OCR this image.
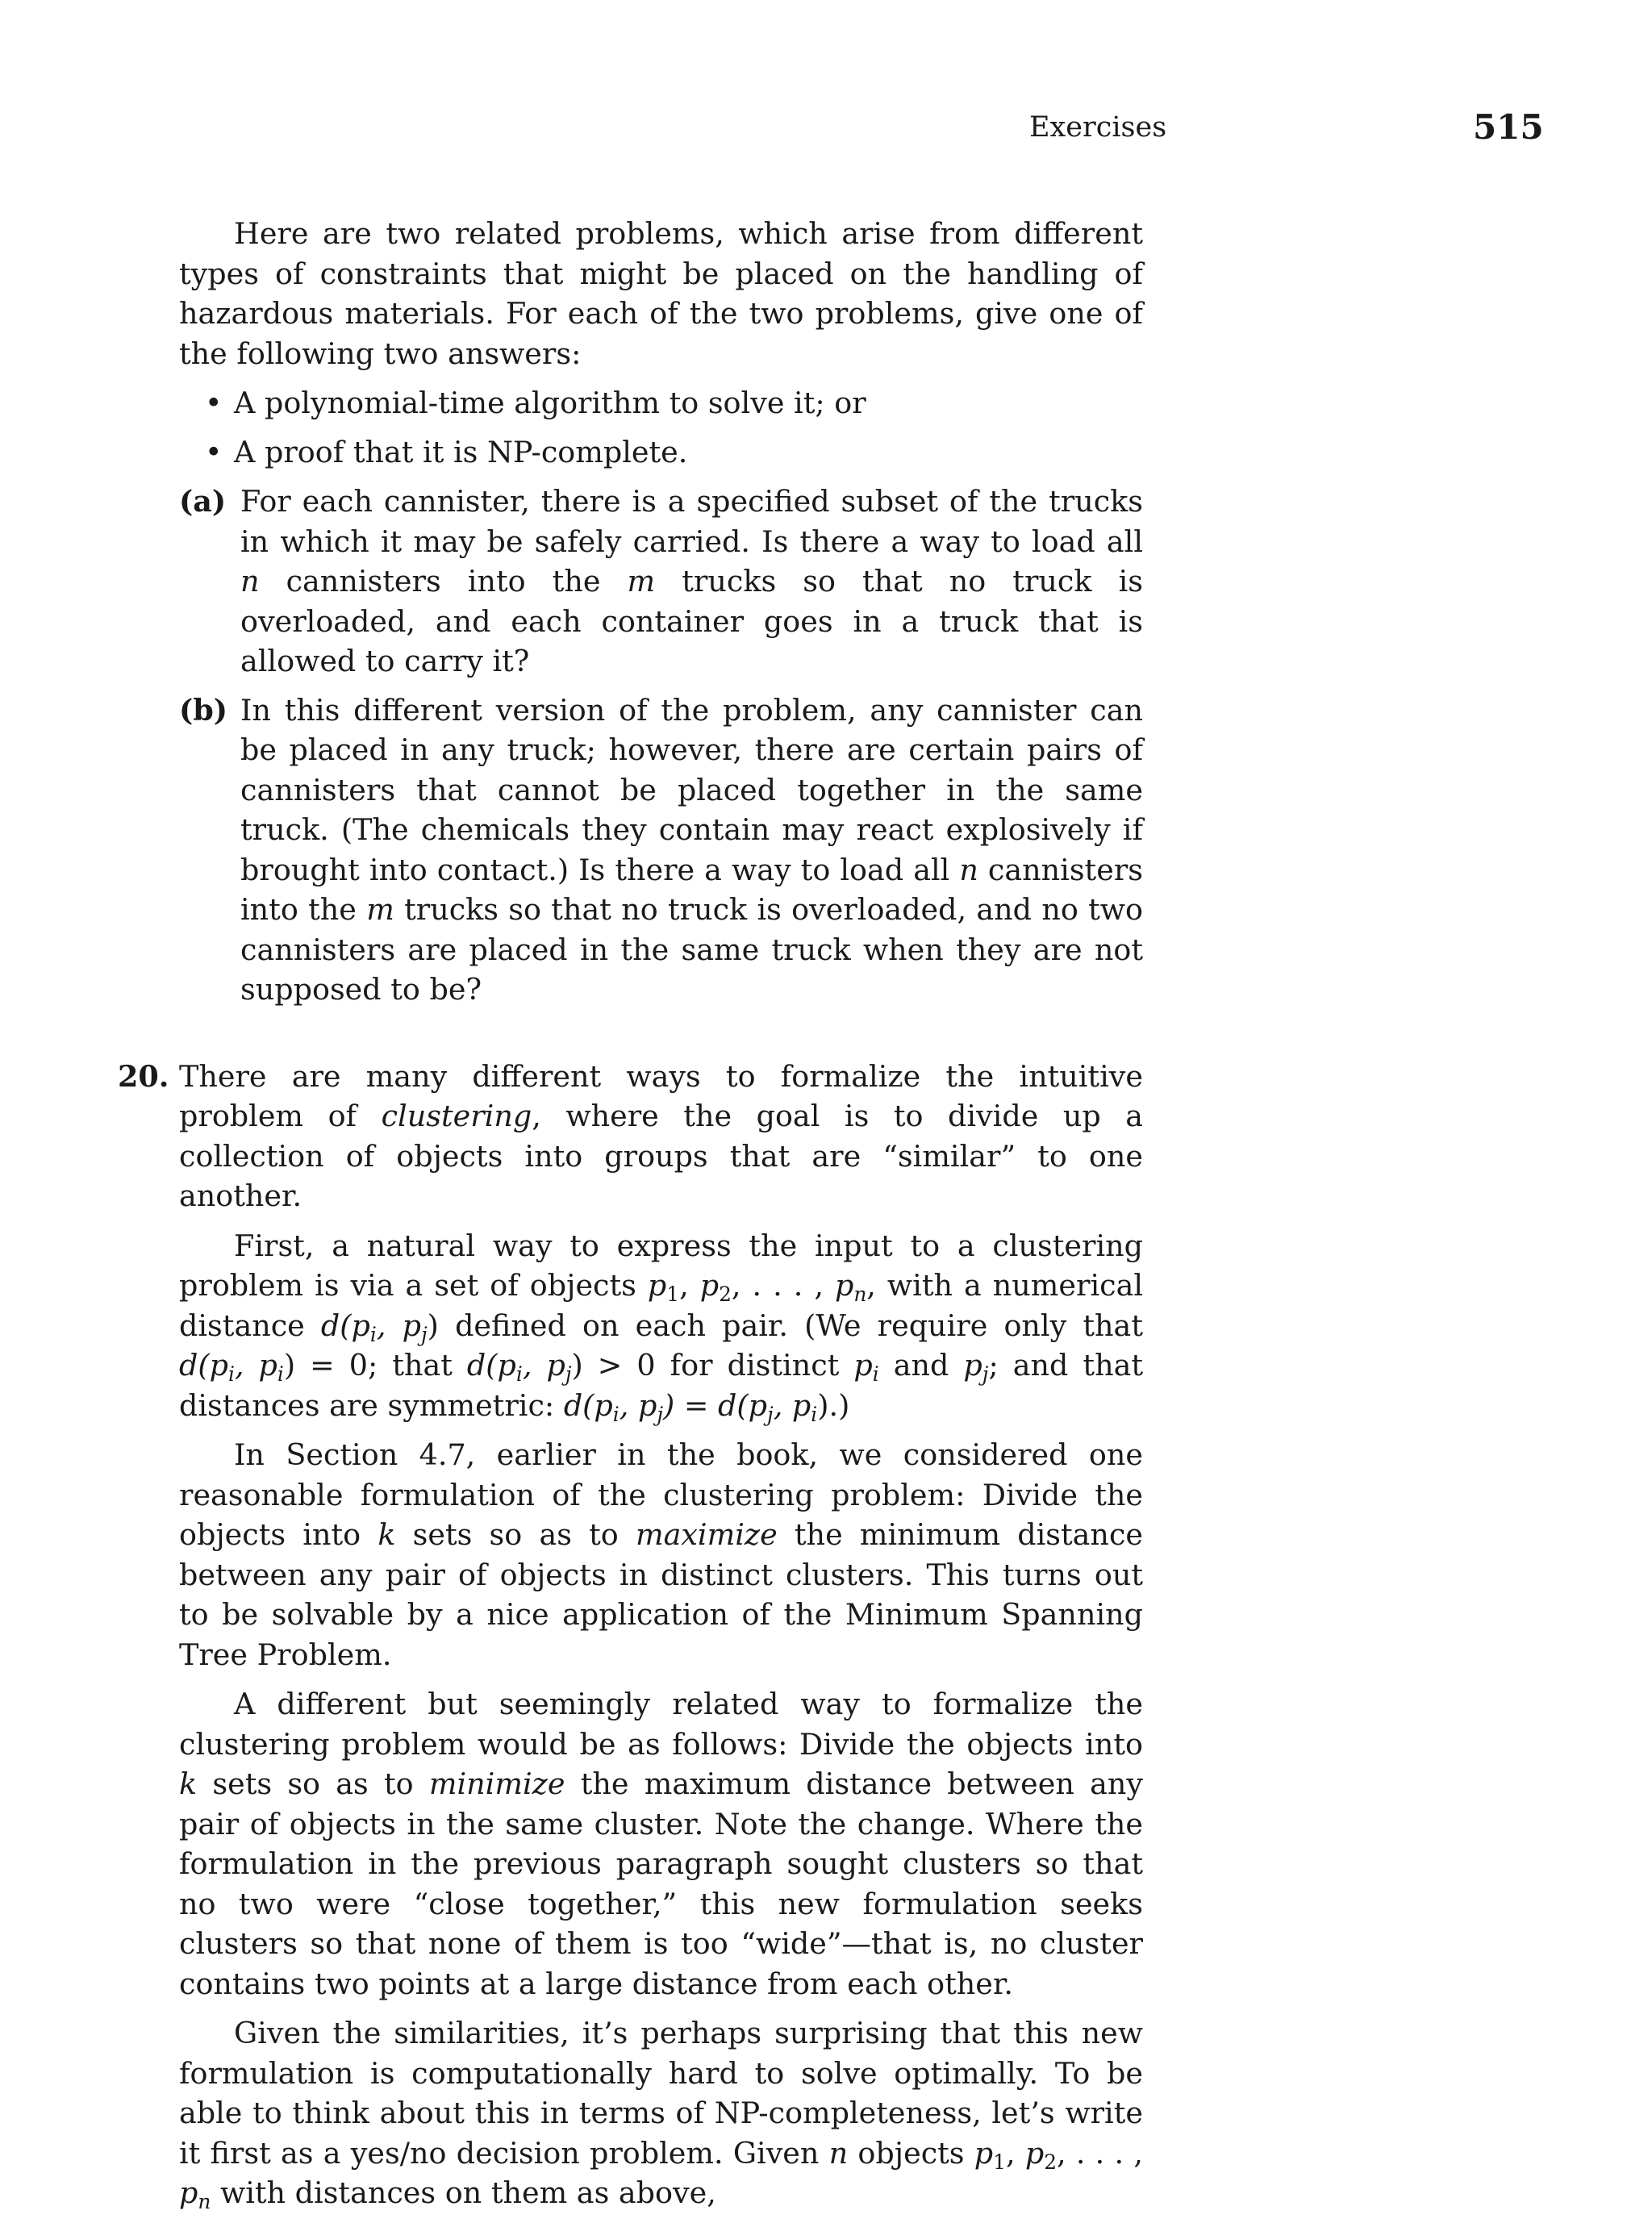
Exercises	515

Here are two related problems, which arise from different types of constraints that might be placed on the handling of hazardous materials. For each of the two problems, give one of the following two answers:

• A polynomial-time algorithm to solve it; or
• A proof that it is NP-complete.
(a) For each cannister, there is a specified subset of the trucks in which it may be safely carried. Is there a way to load all n cannisters into the m trucks so that no truck is overloaded, and each container goes in a truck that is allowed to carry it?
(b) In this different version of the problem, any cannister can be placed in any truck; however, there are certain pairs of cannisters that cannot be placed together in the same truck. (The chemicals they contain may react explosively if brought into contact.) Is there a way to load all n cannisters into the m trucks so that no truck is overloaded, and no two cannisters are placed in the same truck when they are not supposed to be?
20. There are many different ways to formalize the intuitive problem of clustering, where the goal is to divide up a collection of objects into groups that are “similar” to one another.

First, a natural way to express the input to a clustering problem is via a set of objects $p_1$, $p_2$, . . . , $p_n$, with a numerical distance $d(p_i$, $p_j$) defined on each pair. (We require only that $d(p_i$, $p_i) = 0$; that $d(p_i$, $p_j) > 0$ for distinct $p_i$ and $p_j$; and that distances are symmetric: $d(p_i$, $p_j) = d(p_j$, $p_i$).)

In Section 4.7, earlier in the book, we considered one reasonable formulation of the clustering problem: Divide the objects into k sets so as to maximize the minimum distance between any pair of objects in distinct clusters. This turns out to be solvable by a nice application of the Minimum Spanning Tree Problem.

A different but seemingly related way to formalize the clustering problem would be as follows: Divide the objects into k sets so as to minimize the maximum distance between any pair of objects in the same cluster. Note the change. Where the formulation in the previous paragraph sought clusters so that no two were “close together,” this new formulation seeks clusters so that none of them is too “wide”—that is, no cluster contains two points at a large distance from each other.

Given the similarities, it’s perhaps surprising that this new formulation is computationally hard to solve optimally. To be able to think about this in terms of NP-completeness, let’s write it first as a yes/no decision problem. Given n objects $p_1$, $p_2$, . . . , $p_n$ with distances on them as above,
